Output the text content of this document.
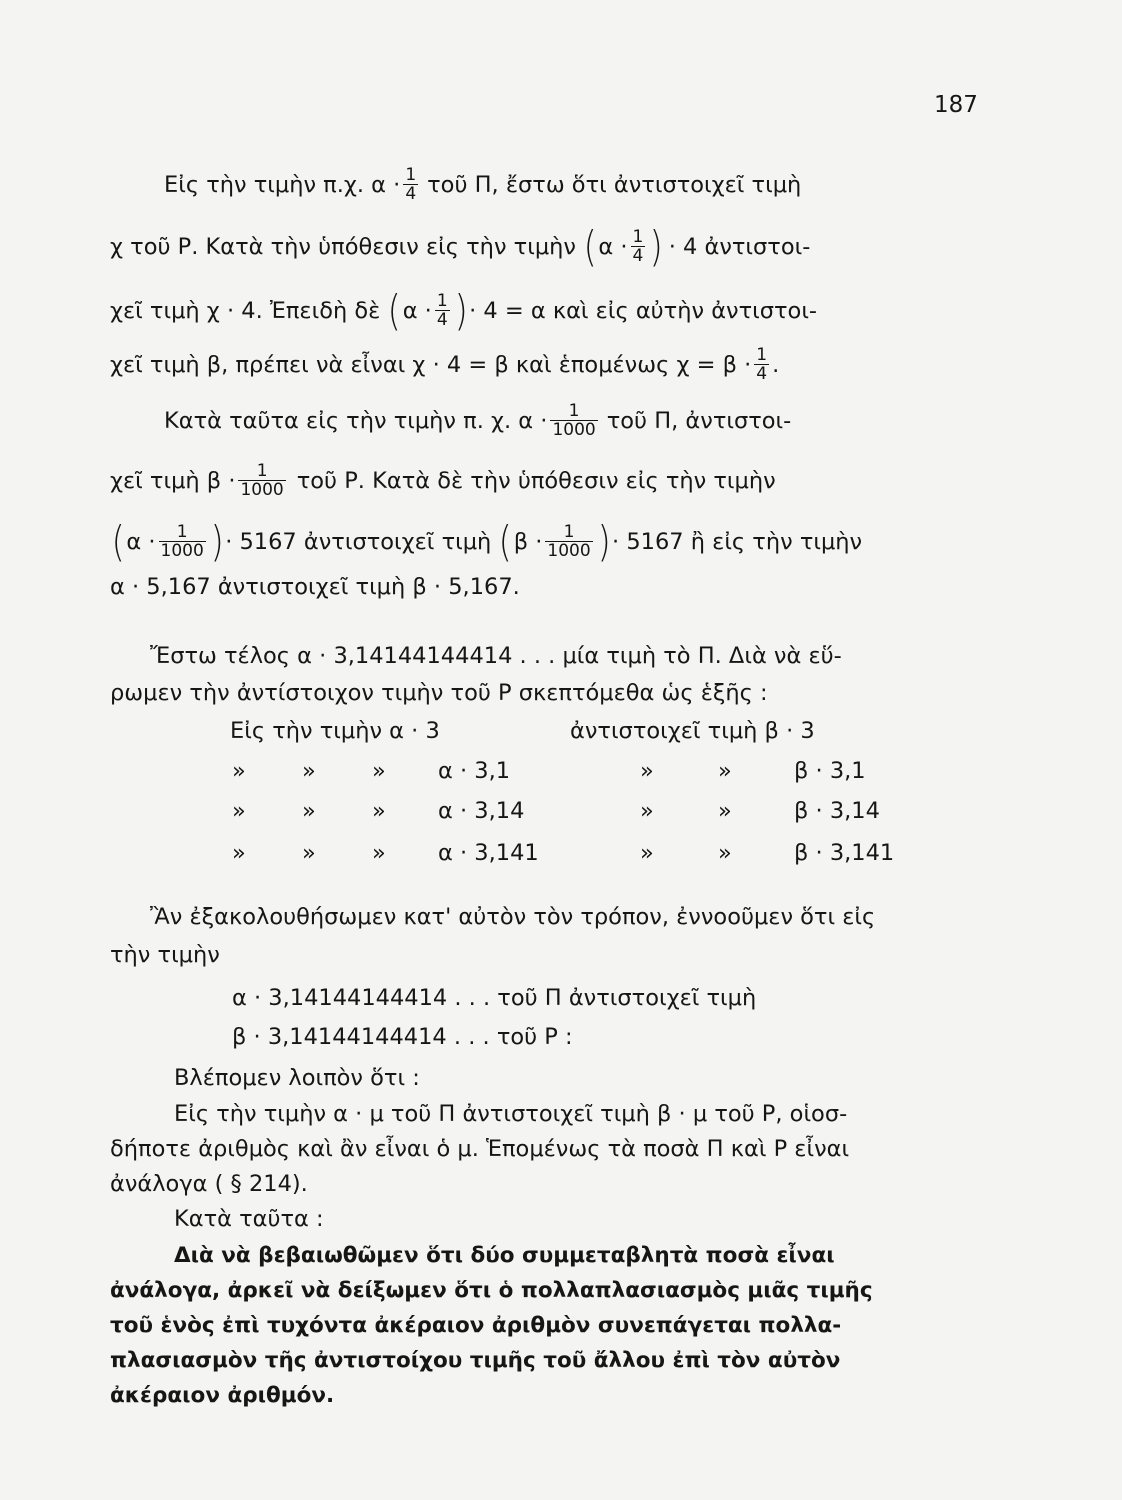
187
Εἰς τὴν τιμὴν π.χ. $\alpha \cdot \frac{1}{4}$ τοῦ Π, ἔστω ὅτι ἀντιστοιχεῖ τιμὴ
χ τοῦ Ρ. Κατὰ τὴν ὑπόθεσιν εἰς τὴν τιμὴν ( $\alpha \cdot \frac{1}{4}$ ) · 4 ἀντιστοι-
χεῖ τιμὴ χ · 4. Ἐπειδὴ δὲ ( $\alpha \cdot \frac{1}{4}$ ) · 4 = α καὶ εἰς αὐτὴν ἀντιστοι-
χεῖ τιμὴ β, πρέπει νὰ εἶναι χ · 4 = β καὶ ἑπομένως $\chi = \beta \cdot \frac{1}{4}$ .
Κατὰ ταῦτα εἰς τὴν τιμὴν π. χ. $\alpha \cdot \frac{1}{1000}$ τοῦ Π, ἀντιστοι-
χεῖ τιμὴ $\beta \cdot \frac{1}{1000}$ τοῦ Ρ. Κατὰ δὲ τὴν ὑπόθεσιν εἰς τὴν τιμὴν
( $\alpha \cdot \frac{1}{1000}$ ) · 5167 ἀντιστοιχεῖ τιμὴ ( $\beta \cdot \frac{1}{1000}$ ) · 5167 ἢ εἰς τὴν τιμὴν
α · 5,167 ἀντιστοιχεῖ τιμὴ β · 5,167.
Ἔστω τέλος α · 3,14144144414 . . . μία τιμὴ τὸ Π. Διὰ νὰ εὕ-
ρωμεν τὴν ἀντίστοιχον τιμὴν τοῦ Ρ σκεπτόμεθα ὡς ἑξῆς :
Εἰς τὴν τιμὴν α · 3	ἀντιστοιχεῖ τιμὴ β · 3
» » » α · 3,1	»	»	β · 3,1
» » » α · 3,14	»	»	β · 3,14
» » » α · 3,141	»	»	β · 3,141
Ἂν ἐξακολουθήσωμεν κατ' αὐτὸν τὸν τρόπον, ἐννοοῦμεν ὅτι εἰς
τὴν τιμὴν
α · 3,14144144414 . . . τοῦ Π ἀντιστοιχεῖ τιμὴ
β · 3,14144144414 . . . τοῦ Ρ :
Βλέπομεν λοιπὸν ὅτι :
Εἰς τὴν τιμὴν α · μ τοῦ Π ἀντιστοιχεῖ τιμὴ β · μ τοῦ Ρ, οἱοσ-
δήποτε ἀριθμὸς καὶ ἂν εἶναι ὁ μ. Ἑπομένως τὰ ποσὰ Π καὶ Ρ εἶναι
ἀνάλογα ( § 214).
Κατὰ ταῦτα :
Διὰ νὰ βεβαιωθῶμεν ὅτι δύο συμμεταβλητὰ ποσὰ εἶναι
ἀνάλογα, ἀρκεῖ νὰ δείξωμεν ὅτι ὁ πολλαπλασιασμὸς μιᾶς τιμῆς
τοῦ ἑνὸς ἐπὶ τυχόντα ἀκέραιον ἀριθμὸν συνεπάγεται πολλα-
πλασιασμὸν τῆς ἀντιστοίχου τιμῆς τοῦ ἄλλου ἐπὶ τὸν αὐτὸν
ἀκέραιον ἀριθμόν.
